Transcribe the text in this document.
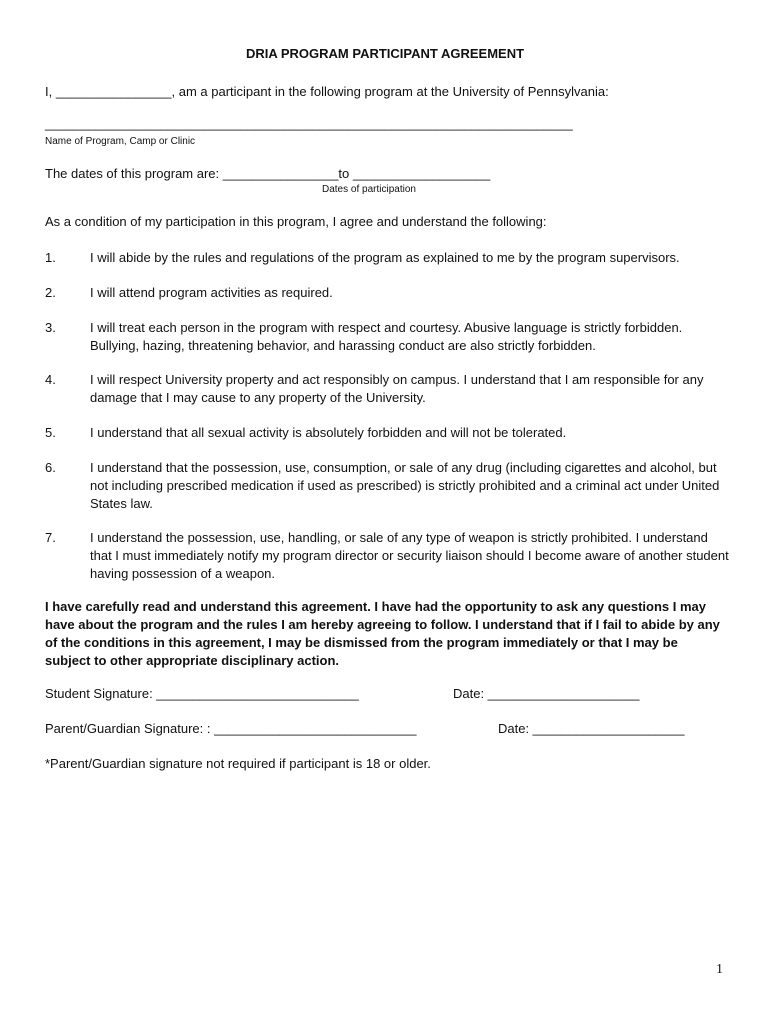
DRIA PROGRAM PARTICIPANT AGREEMENT
I, ________________, am a participant in the following program at the University of Pennsylvania:
_________________________________________________________________________
Name of Program, Camp or Clinic
The dates of this program are: ________________to ___________________
Dates of participation
As a condition of my participation in this program, I agree and understand the following:
1.	I will abide by the rules and regulations of the program as explained to me by the program supervisors.
2.	I will attend program activities as required.
3.	I will treat each person in the program with respect and courtesy. Abusive language is strictly forbidden. Bullying, hazing, threatening behavior, and harassing conduct are also strictly forbidden.
4.	I will respect University property and act responsibly on campus. I understand that I am responsible for any damage that I may cause to any property of the University.
5.	I understand that all sexual activity is absolutely forbidden and will not be tolerated.
6.	I understand that the possession, use, consumption, or sale of any drug (including cigarettes and alcohol, but not including prescribed medication if used as prescribed) is strictly prohibited and a criminal act under United States law.
7.	I understand the possession, use, handling, or sale of any type of weapon is strictly prohibited. I understand that I must immediately notify my program director or security liaison should I become aware of another student having possession of a weapon.
I have carefully read and understand this agreement. I have had the opportunity to ask any questions I may have about the program and the rules I am hereby agreeing to follow. I understand that if I fail to abide by any of the conditions in this agreement, I may be dismissed from the program immediately or that I may be subject to other appropriate disciplinary action.
Student Signature: ____________________________	Date: _____________________
Parent/Guardian Signature: : ____________________________	Date: _____________________
*Parent/Guardian signature not required if participant is 18 or older.
1
